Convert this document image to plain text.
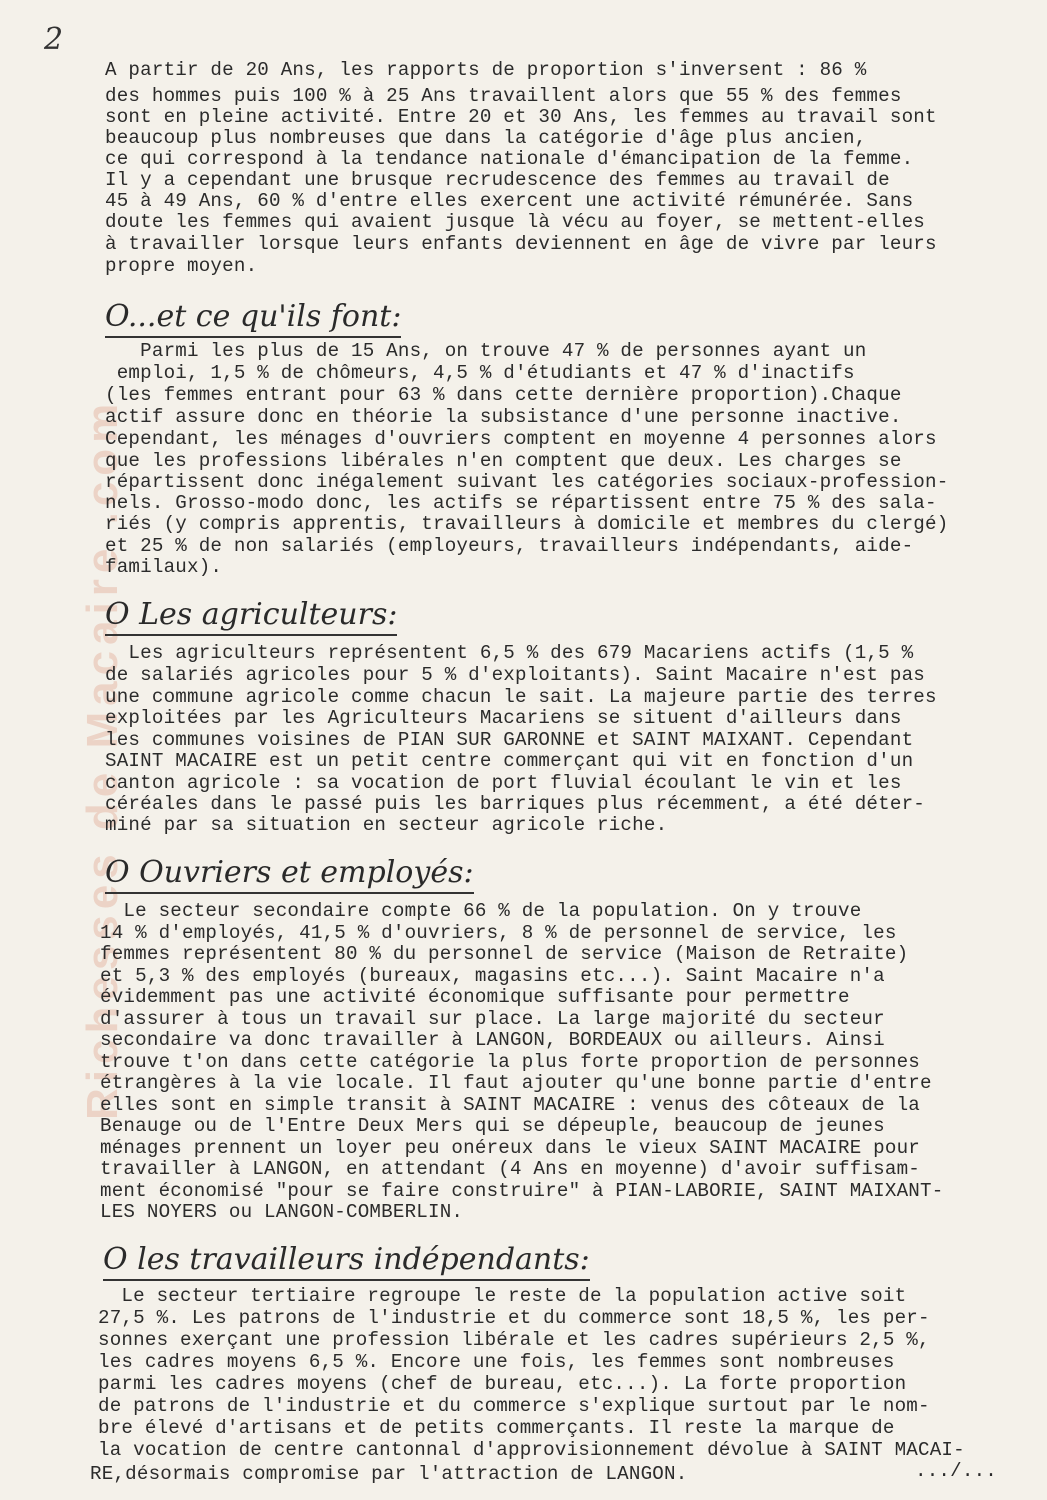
2
Richesses de Macaire .com
A partir de 20 Ans, les rapports de proportion s'inversent : 86 %
des hommes puis 100 % à 25 Ans travaillent alors que 55 % des femmes
sont en pleine activité. Entre 20 et 30 Ans, les femmes au travail sont
beaucoup plus nombreuses que dans la catégorie d'âge plus ancien,
ce qui correspond à la tendance nationale d'émancipation de la femme.
Il y a cependant une brusque recrudescence des femmes au travail de
45 à 49 Ans, 60 % d'entre elles exercent une activité rémunérée. Sans
doute les femmes qui avaient jusque là vécu au foyer, se mettent-elles
à travailler lorsque leurs enfants deviennent en âge de vivre par leurs
propre moyen.
O...et ce qu'ils font:
Parmi les plus de 15 Ans, on trouve 47 % de personnes ayant un
emploi, 1,5 % de chômeurs, 4,5 % d'étudiants et 47 % d'inactifs
(les femmes entrant pour 63 % dans cette dernière proportion).Chaque
actif assure donc en théorie la subsistance d'une personne inactive.
Cependant, les ménages d'ouvriers comptent en moyenne 4 personnes alors
que les professions libérales n'en comptent que deux. Les charges se
répartissent donc inégalement suivant les catégories sociaux-profession-
nels. Grosso-modo donc, les actifs se répartissent entre 75 % des sala-
riés (y compris apprentis, travailleurs à domicile et membres du clergé)
et 25 % de non salariés (employeurs, travailleurs indépendants, aide-
familaux).
O Les agriculteurs:
Les agriculteurs représentent 6,5 % des 679 Macariens actifs (1,5 %
de salariés agricoles pour 5 % d'exploitants). Saint Macaire n'est pas
une commune agricole comme chacun le sait. La majeure partie des terres
exploitées par les Agriculteurs Macariens se situent d'ailleurs dans
les communes voisines de PIAN SUR GARONNE et SAINT MAIXANT. Cependant
SAINT MACAIRE est un petit centre commerçant qui vit en fonction d'un
canton agricole : sa vocation de port fluvial écoulant le vin et les
céréales dans le passé puis les barriques plus récemment, a été déter-
miné par sa situation en secteur agricole riche.
O Ouvriers et employés:
Le secteur secondaire compte 66 % de la population. On y trouve
14 % d'employés, 41,5 % d'ouvriers, 8 % de personnel de service, les
femmes représentent 80 % du personnel de service (Maison de Retraite)
et 5,3 % des employés (bureaux, magasins etc...). Saint Macaire n'a
évidemment pas une activité économique suffisante pour permettre
d'assurer à tous un travail sur place. La large majorité du secteur
secondaire va donc travailler à LANGON, BORDEAUX ou ailleurs. Ainsi
trouve t'on dans cette catégorie la plus forte proportion de personnes
étrangères à la vie locale. Il faut ajouter qu'une bonne partie d'entre
elles sont en simple transit à SAINT MACAIRE : venus des côteaux de la
Benauge ou de l'Entre Deux Mers qui se dépeuple, beaucoup de jeunes
ménages prennent un loyer peu onéreux dans le vieux SAINT MACAIRE pour
travailler à LANGON, en attendant (4 Ans en moyenne) d'avoir suffisam-
ment économisé "pour se faire construire" à PIAN-LABORIE, SAINT MAIXANT-
LES NOYERS ou LANGON-COMBERLIN.
O les travailleurs indépendants:
Le secteur tertiaire regroupe le reste de la population active soit
27,5 %. Les patrons de l'industrie et du commerce sont 18,5 %, les per-
sonnes exerçant une profession libérale et les cadres supérieurs 2,5 %,
les cadres moyens 6,5 %. Encore une fois, les femmes sont nombreuses
parmi les cadres moyens (chef de bureau, etc...). La forte proportion
de patrons de l'industrie et du commerce s'explique surtout par le nom-
bre élevé d'artisans et de petits commerçants. Il reste la marque de
la vocation de centre cantonnal d'approvisionnement dévolue à SAINT MACAI-
RE,désormais compromise par l'attraction de LANGON.	.../...
